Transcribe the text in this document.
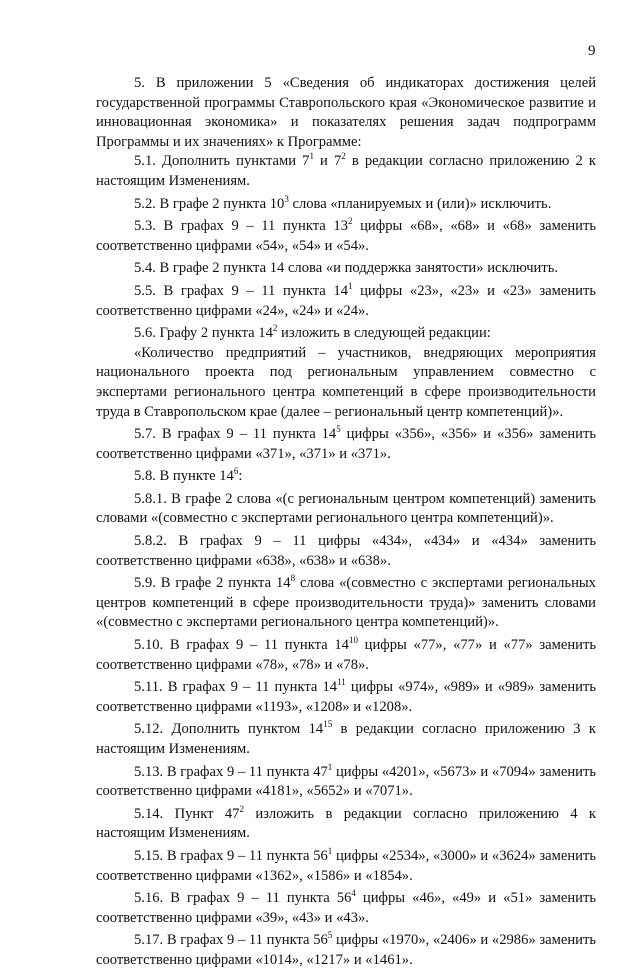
9

5. В приложении 5 «Сведения об индикаторах достижения целей государственной программы Ставропольского края «Экономическое развитие и инновационная экономика» и показателях решения задач подпрограмм Программы и их значениях» к Программе:

5.1. Дополнить пунктами $7^1$ и $7^2$ в редакции согласно приложению 2 к настоящим Изменениям.

5.2. В графе 2 пункта $10^3$ слова «планируемых и (или)» исключить.

5.3. В графах 9 – 11 пункта $13^2$ цифры «68», «68» и «68» заменить соответственно цифрами «54», «54» и «54».

5.4. В графе 2 пункта 14 слова «и поддержка занятости» исключить.

5.5. В графах 9 – 11 пункта $14^1$ цифры «23», «23» и «23» заменить соответственно цифрами «24», «24» и «24».

5.6. Графу 2 пункта $14^2$ изложить в следующей редакции:

«Количество предприятий – участников, внедряющих мероприятия национального проекта под региональным управлением совместно с экспертами регионального центра компетенций в сфере производительности труда в Ставропольском крае (далее – региональный центр компетенций)».

5.7. В графах 9 – 11 пункта $14^5$ цифры «356», «356» и «356» заменить соответственно цифрами «371», «371» и «371».

5.8. В пункте $14^6$:

5.8.1. В графе 2 слова «(с региональным центром компетенций) заменить словами «(совместно с экспертами регионального центра компетенций)».

5.8.2. В графах 9 – 11 цифры «434», «434» и «434» заменить соответственно цифрами «638», «638» и «638».

5.9. В графе 2 пункта $14^8$ слова «(совместно с экспертами региональных центров компетенций в сфере производительности труда)» заменить словами «(совместно с экспертами регионального центра компетенций)».

5.10. В графах 9 – 11 пункта $14^{10}$ цифры «77», «77» и «77» заменить соответственно цифрами «78», «78» и «78».

5.11. В графах 9 – 11 пункта $14^{11}$ цифры «974», «989» и «989» заменить соответственно цифрами «1193», «1208» и «1208».

5.12. Дополнить пунктом $14^{15}$ в редакции согласно приложению 3 к настоящим Изменениям.

5.13. В графах 9 – 11 пункта $47^1$ цифры «4201», «5673» и «7094» заменить соответственно цифрами «4181», «5652» и «7071».

5.14. Пункт $47^2$ изложить в редакции согласно приложению 4 к настоящим Изменениям.

5.15. В графах 9 – 11 пункта $56^1$ цифры «2534», «3000» и «3624» заменить соответственно цифрами «1362», «1586» и «1854».

5.16. В графах 9 – 11 пункта $56^4$ цифры «46», «49» и «51» заменить соответственно цифрами «39», «43» и «43».

5.17. В графах 9 – 11 пункта $56^5$ цифры «1970», «2406» и «2986» заменить соответственно цифрами «1014», «1217» и «1461».
